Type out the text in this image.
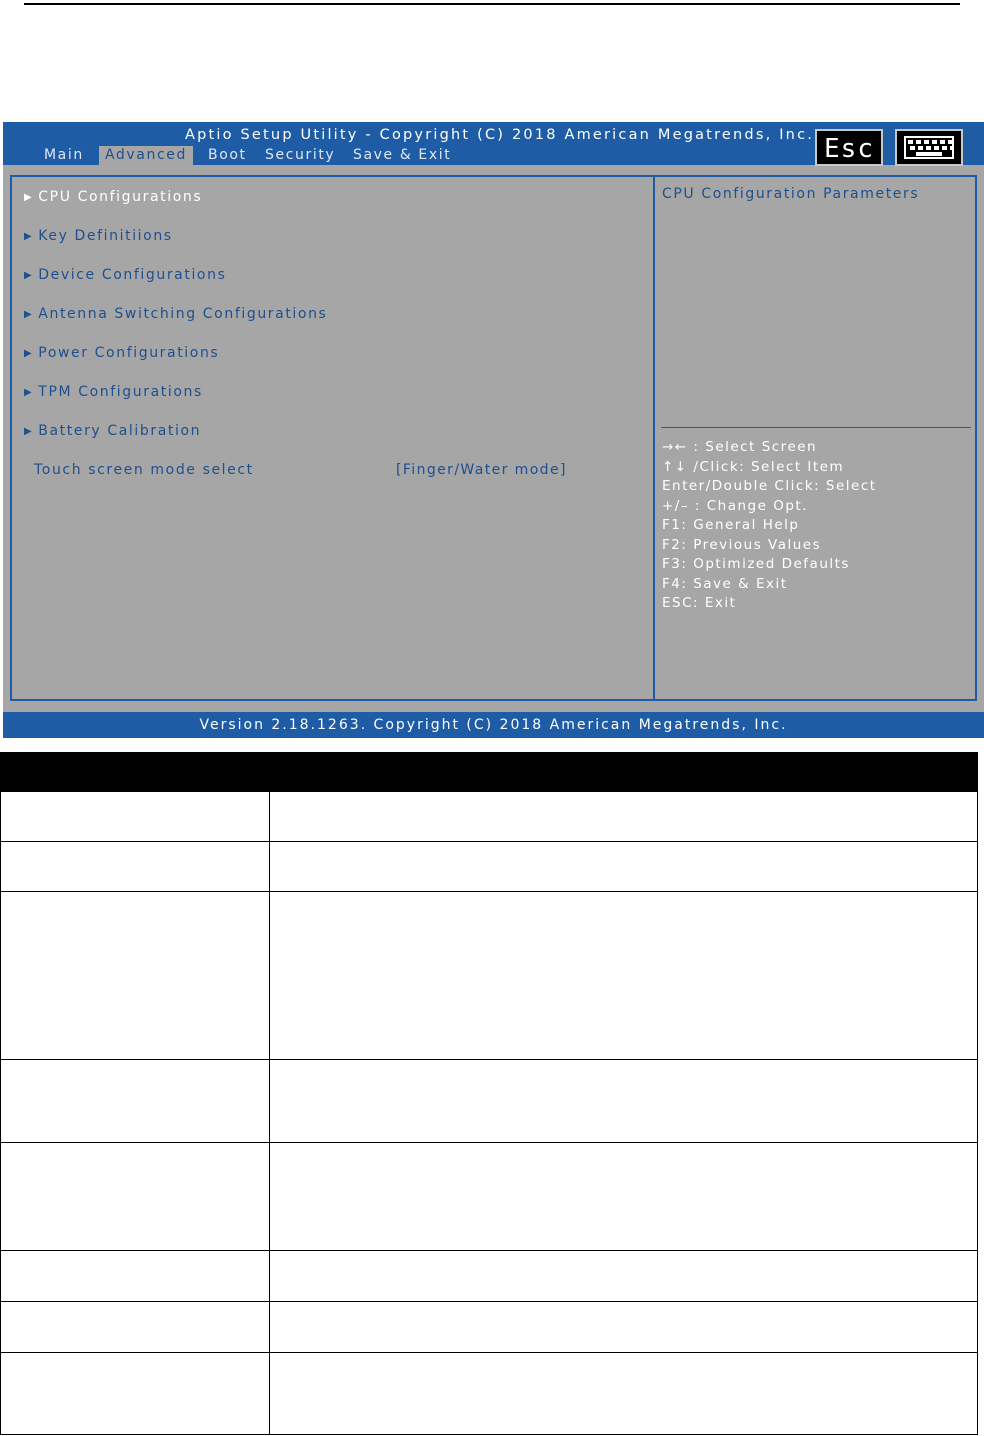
Aptio Setup Utility - Copyright (C) 2018 American Megatrends, Inc.
Main	Advanced	Boot	Security	Save & Exit	Esc
▶ CPU Configurations
▶ Key Definitiions
▶ Device Configurations
▶ Antenna Switching Configurations
▶ Power Configurations
▶ TPM Configurations
▶ Battery Calibration
Touch screen mode select	[Finger/Water mode]
CPU Configuration Parameters
→← : Select Screen
↑↓ /Click: Select Item
Enter/Double Click: Select
+/– : Change Opt.
F1: General Help
F2: Previous Values
F3: Optimized Defaults
F4: Save & Exit
ESC: Exit
Version 2.18.1263. Copyright (C) 2018 American Megatrends, Inc.
